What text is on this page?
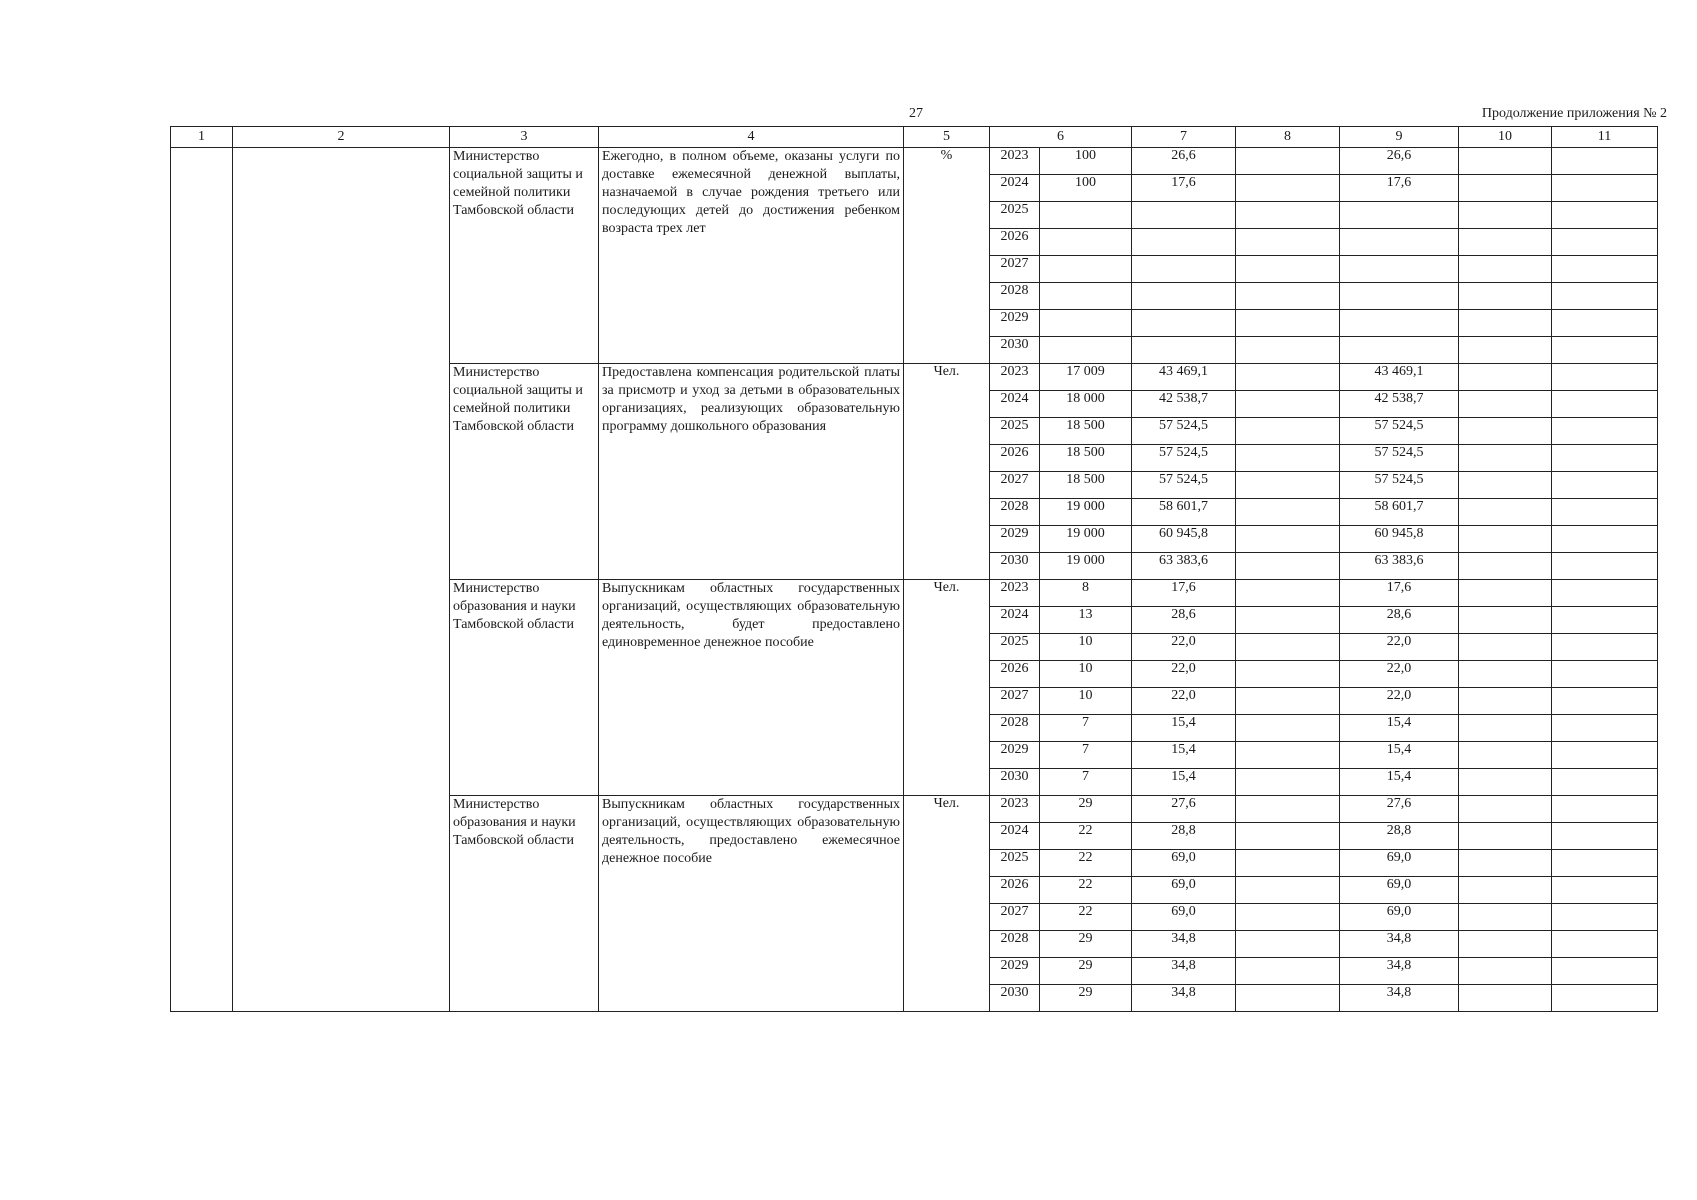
27	Продолжение приложения № 2
1	2	3	4	5	6		7	8	9	10	11
		Министерство социальной защиты и семейной политики Тамбовской области	Ежегодно, в полном объеме, оказаны услуги по доставке ежемесячной денежной выплаты, назначаемой в случае рождения третьего или последующих детей до достижения ребенком возраста трех лет	%	2023	100	26,6		26,6		
					2024	100	17,6		17,6		
					2025						
					2026						
					2027						
					2028						
					2029						
					2030						
		Министерство социальной защиты и семейной политики Тамбовской области	Предоставлена компенсация родительской платы за присмотр и уход за детьми в образовательных организациях, реализующих образовательную программу дошкольного образования	Чел.	2023	17 009	43 469,1		43 469,1		
					2024	18 000	42 538,7		42 538,7		
					2025	18 500	57 524,5		57 524,5		
					2026	18 500	57 524,5		57 524,5		
					2027	18 500	57 524,5		57 524,5		
					2028	19 000	58 601,7		58 601,7		
					2029	19 000	60 945,8		60 945,8		
					2030	19 000	63 383,6		63 383,6		
		Министерство образования и науки Тамбовской области	Выпускникам областных государственных организаций, осуществляющих образовательную деятельность, будет предоставлено единовременное денежное пособие	Чел.	2023	8	17,6		17,6		
					2024	13	28,6		28,6		
					2025	10	22,0		22,0		
					2026	10	22,0		22,0		
					2027	10	22,0		22,0		
					2028	7	15,4		15,4		
					2029	7	15,4		15,4		
					2030	7	15,4		15,4		
		Министерство образования и науки Тамбовской области	Выпускникам областных государственных организаций, осуществляющих образовательную деятельность, предоставлено ежемесячное денежное пособие	Чел.	2023	29	27,6		27,6		
					2024	22	28,8		28,8		
					2025	22	69,0		69,0		
					2026	22	69,0		69,0		
					2027	22	69,0		69,0		
					2028	29	34,8		34,8		
					2029	29	34,8		34,8		
					2030	29	34,8		34,8		
